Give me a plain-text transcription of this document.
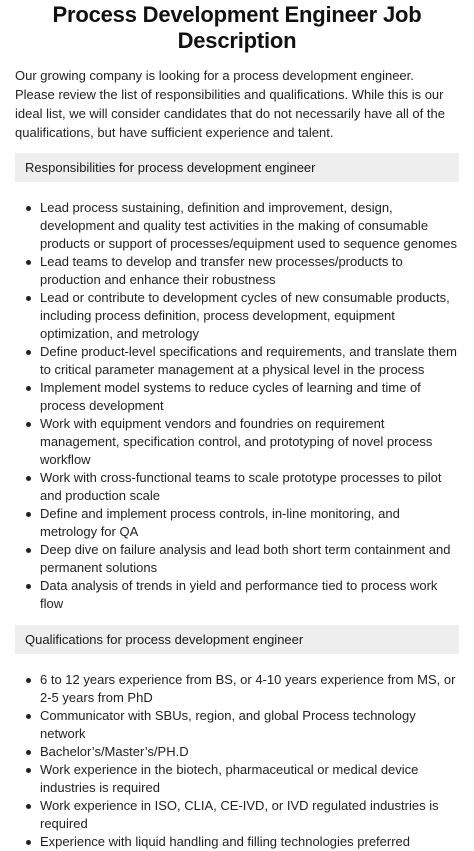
Process Development Engineer Job Description

Our growing company is looking for a process development engineer. Please review the list of responsibilities and qualifications. While this is our ideal list, we will consider candidates that do not necessarily have all of the qualifications, but have sufficient experience and talent.

Responsibilities for process development engineer
Lead process sustaining, definition and improvement, design, development and quality test activities in the making of consumable products or support of processes/equipment used to sequence genomes
Lead teams to develop and transfer new processes/products to production and enhance their robustness
Lead or contribute to development cycles of new consumable products, including process definition, process development, equipment optimization, and metrology
Define product-level specifications and requirements, and translate them to critical parameter management at a physical level in the process
Implement model systems to reduce cycles of learning and time of process development
Work with equipment vendors and foundries on requirement management, specification control, and prototyping of novel process workflow
Work with cross-functional teams to scale prototype processes to pilot and production scale
Define and implement process controls, in-line monitoring, and metrology for QA
Deep dive on failure analysis and lead both short term containment and permanent solutions
Data analysis of trends in yield and performance tied to process work flow
Qualifications for process development engineer
6 to 12 years experience from BS, or 4-10 years experience from MS, or 2-5 years from PhD
Communicator with SBUs, region, and global Process technology network
Bachelor’s/Master’s/PH.D
Work experience in the biotech, pharmaceutical or medical device industries is required
Work experience in ISO, CLIA, CE-IVD, or IVD regulated industries is required
Experience with liquid handling and filling technologies preferred
